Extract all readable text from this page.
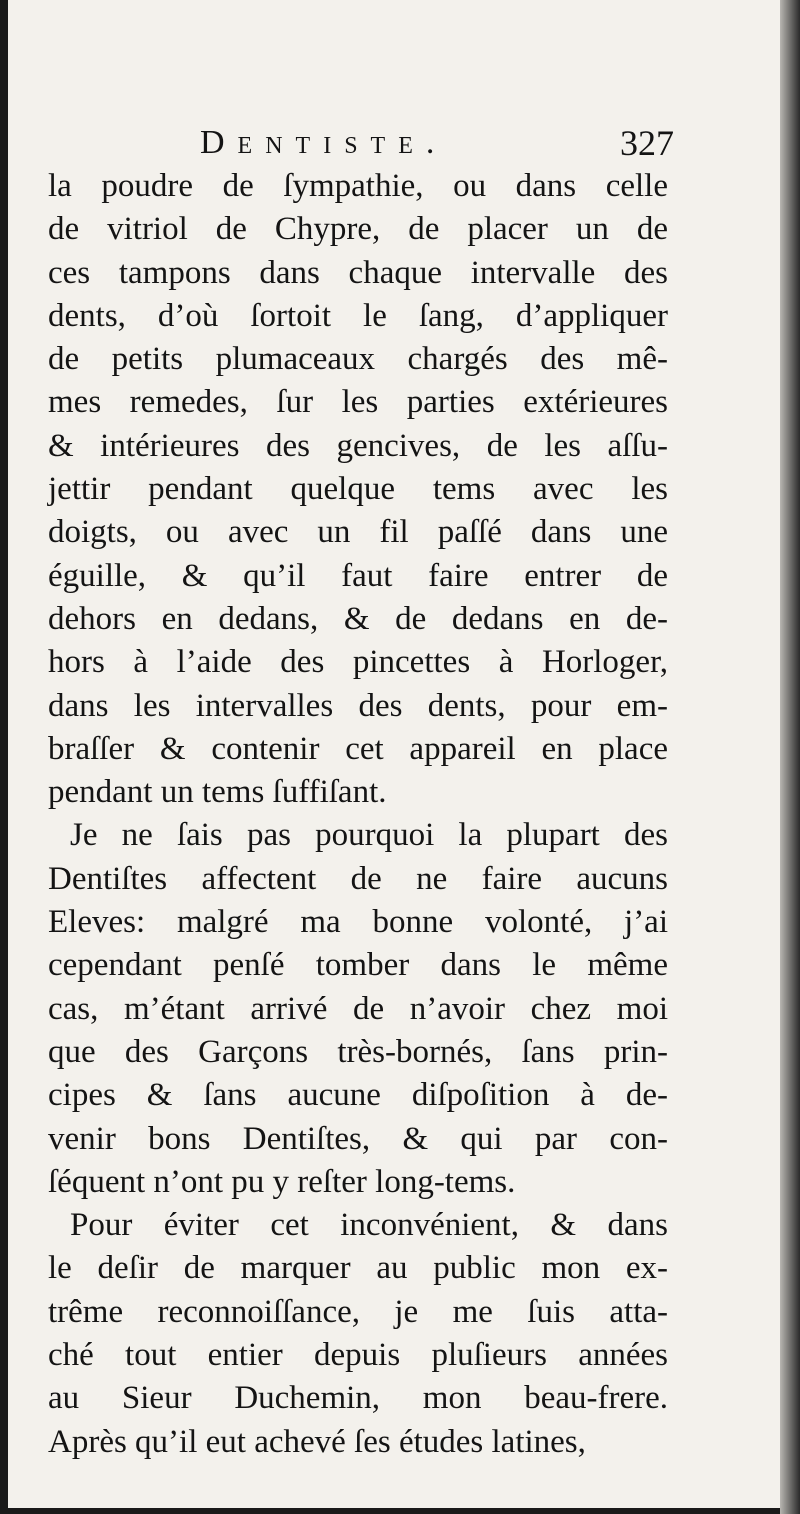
Dentiste.	327
la poudre de ſympathie, ou dans celle
de vitriol de Chypre, de placer un de
ces tampons dans chaque intervalle des
dents, d’où ſortoit le ſang, d’appliquer
de petits plumaceaux chargés des mê-
mes remedes, ſur les parties extérieures
& intérieures des gencives, de les aſſu-
jettir pendant quelque tems avec les
doigts, ou avec un fil paſſé dans une
éguille, & qu’il faut faire entrer de
dehors en dedans, & de dedans en de-
hors à l’aide des pincettes à Horloger,
dans les intervalles des dents, pour em-
braſſer & contenir cet appareil en place
pendant un tems ſuffiſant.
Je ne ſais pas pourquoi la plupart des
Dentiſtes affectent de ne faire aucuns
Eleves: malgré ma bonne volonté, j’ai
cependant penſé tomber dans le même
cas, m’étant arrivé de n’avoir chez moi
que des Garçons très-bornés, ſans prin-
cipes & ſans aucune diſpoſition à de-
venir bons Dentiſtes, & qui par con-
ſéquent n’ont pu y reſter long-tems.
Pour éviter cet inconvénient, & dans
le deſir de marquer au public mon ex-
trême reconnoiſſance, je me ſuis atta-
ché tout entier depuis pluſieurs années
au Sieur Duchemin, mon beau-frere.
Après qu’il eut achevé ſes études latines,
